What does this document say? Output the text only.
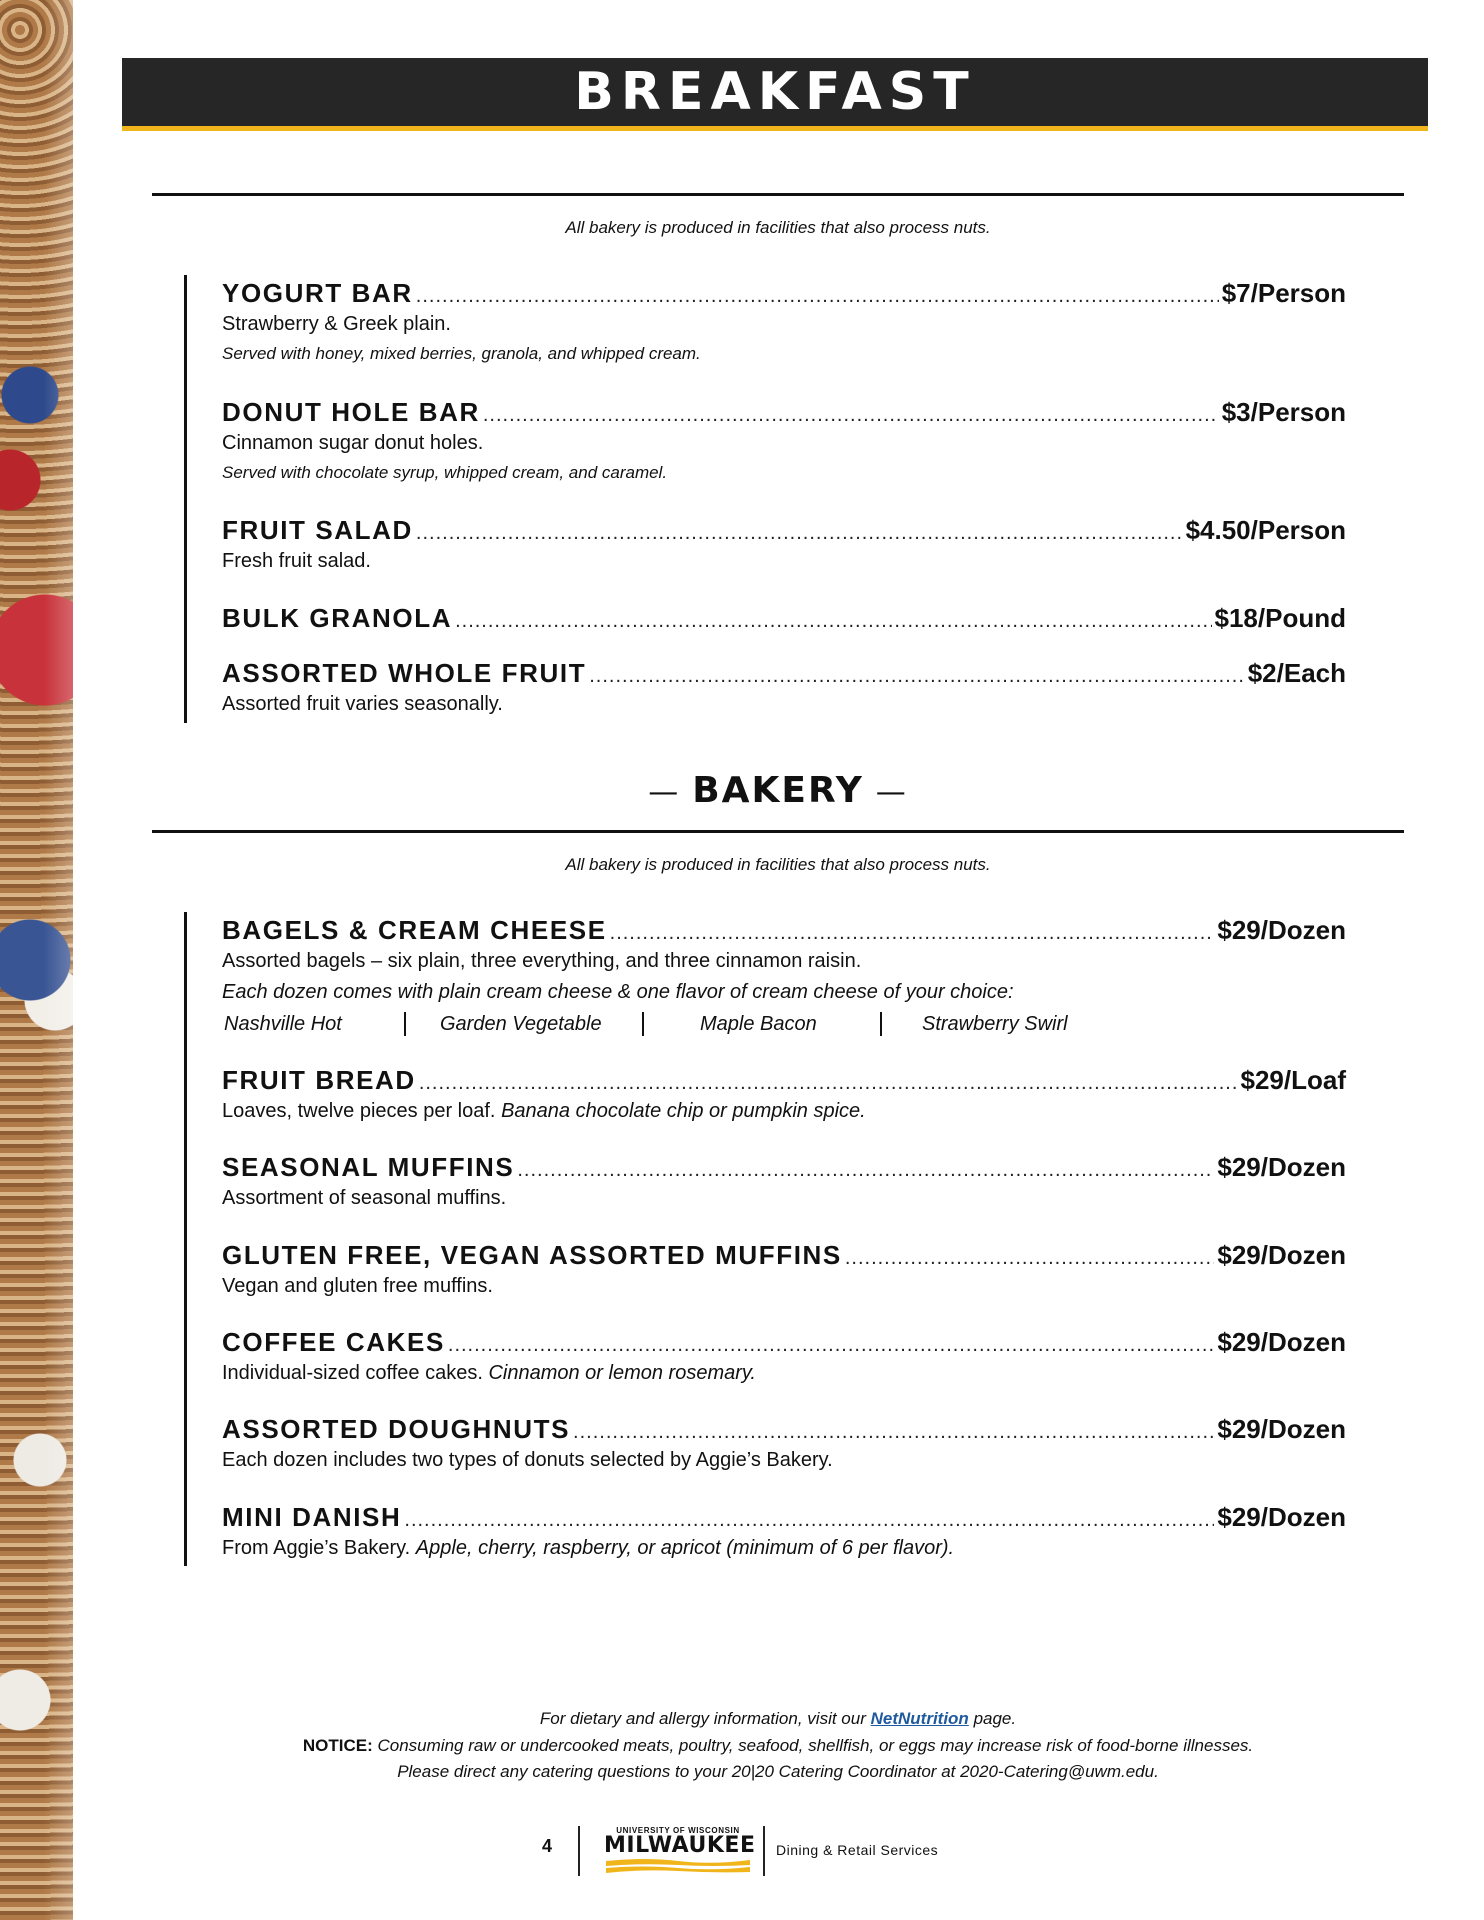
BREAKFAST
All bakery is produced in facilities that also process nuts.
YOGURT BAR .....	$7/Person
Strawberry & Greek plain.
Served with honey, mixed berries, granola, and whipped cream.
DONUT HOLE BAR .....	$3/Person
Cinnamon sugar donut holes.
Served with chocolate syrup, whipped cream, and caramel.
FRUIT SALAD .....	$4.50/Person
Fresh fruit salad.
BULK GRANOLA .....	$18/Pound
ASSORTED WHOLE FRUIT .....	$2/Each
Assorted fruit varies seasonally.
— BAKERY —
All bakery is produced in facilities that also process nuts.
BAGELS & CREAM CHEESE .....	$29/Dozen
Assorted bagels – six plain, three everything, and three cinnamon raisin.
Each dozen comes with plain cream cheese & one flavor of cream cheese of your choice:
Nashville Hot	Garden Vegetable	Maple Bacon	Strawberry Swirl
FRUIT BREAD .....	$29/Loaf
Loaves, twelve pieces per loaf. Banana chocolate chip or pumpkin spice.
SEASONAL MUFFINS .....	$29/Dozen
Assortment of seasonal muffins.
GLUTEN FREE, VEGAN ASSORTED MUFFINS .....	$29/Dozen
Vegan and gluten free muffins.
COFFEE CAKES .....	$29/Dozen
Individual-sized coffee cakes. Cinnamon or lemon rosemary.
ASSORTED DOUGHNUTS .....	$29/Dozen
Each dozen includes two types of donuts selected by Aggie’s Bakery.
MINI DANISH .....	$29/Dozen
From Aggie’s Bakery. Apple, cherry, raspberry, or apricot (minimum of 6 per flavor).
For dietary and allergy information, visit our NetNutrition page.
NOTICE: Consuming raw or undercooked meats, poultry, seafood, shellfish, or eggs may increase risk of food-borne illnesses.
Please direct any catering questions to your 20|20 Catering Coordinator at 2020-Catering@uwm.edu.
4
UNIVERSITY OF WISCONSIN
MILWAUKEE Dining & Retail Services
